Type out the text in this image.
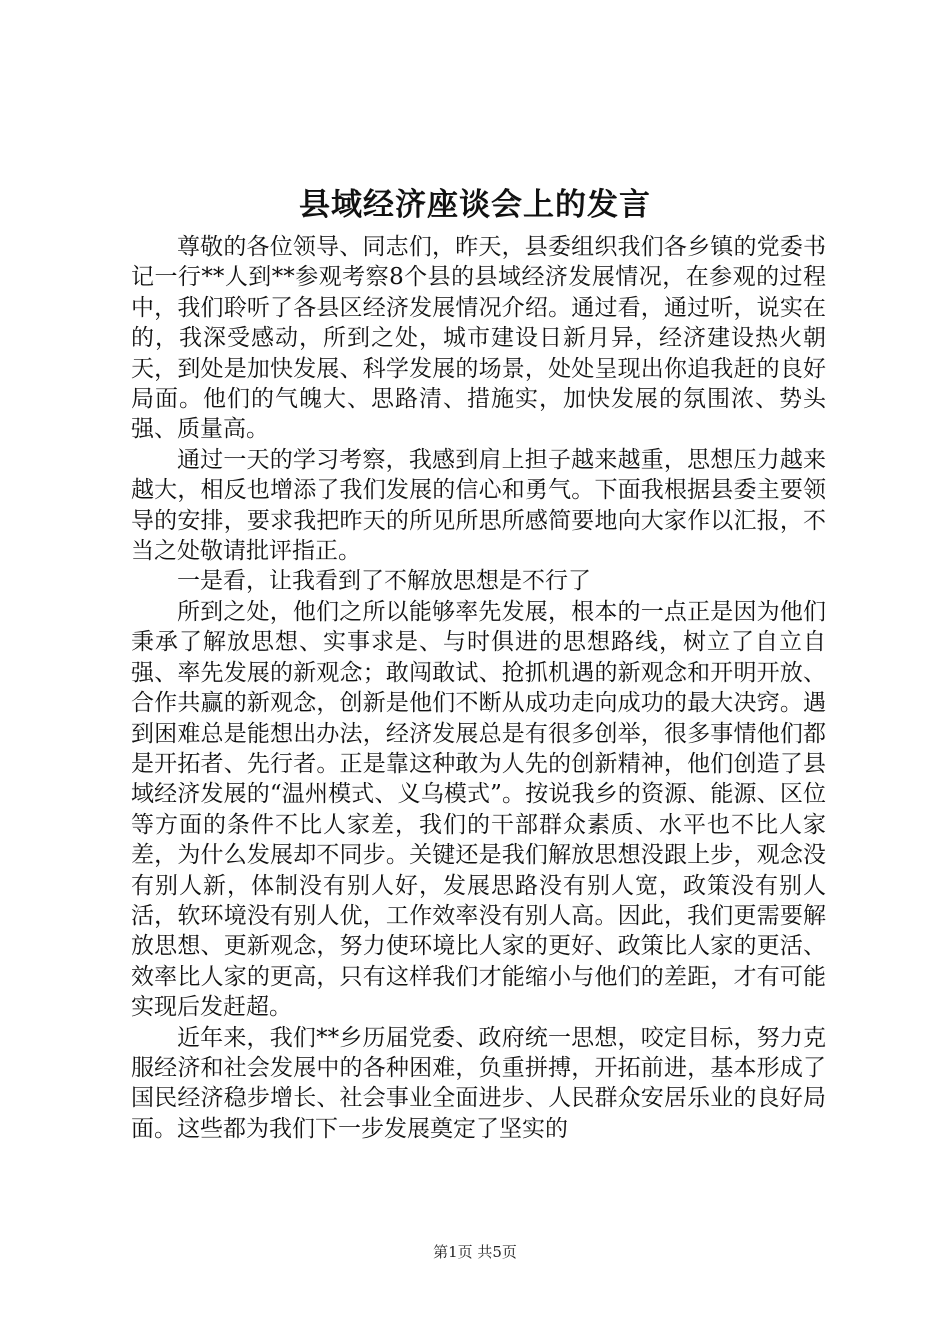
县域经济座谈会上的发言

尊敬的各位领导、同志们，昨天，县委组织我们各乡镇的党委书记一行**人到**参观考察8个县的县域经济发展情况，在参观的过程中，我们聆听了各县区经济发展情况介绍。通过看，通过听，说实在的，我深受感动，所到之处，城市建设日新月异，经济建设热火朝天，到处是加快发展、科学发展的场景，处处呈现出你追我赶的良好局面。他们的气魄大、思路清、措施实，加快发展的氛围浓、势头强、质量高。

通过一天的学习考察，我感到肩上担子越来越重，思想压力越来越大，相反也增添了我们发展的信心和勇气。下面我根据县委主要领导的安排，要求我把昨天的所见所思所感简要地向大家作以汇报，不当之处敬请批评指正。

一是看，让我看到了不解放思想是不行了

所到之处，他们之所以能够率先发展，根本的一点正是因为他们秉承了解放思想、实事求是、与时俱进的思想路线，树立了自立自强、率先发展的新观念；敢闯敢试、抢抓机遇的新观念和开明开放、合作共赢的新观念，创新是他们不断从成功走向成功的最大决窍。遇到困难总是能想出办法，经济发展总是有很多创举，很多事情他们都是开拓者、先行者。正是靠这种敢为人先的创新精神，他们创造了县域经济发展的“温州模式、义乌模式”。按说我乡的资源、能源、区位等方面的条件不比人家差，我们的干部群众素质、水平也不比人家差，为什么发展却不同步。关键还是我们解放思想没跟上步，观念没有别人新，体制没有别人好，发展思路没有别人宽，政策没有别人活，软环境没有别人优，工作效率没有别人高。因此，我们更需要解放思想、更新观念，努力使环境比人家的更好、政策比人家的更活、效率比人家的更高，只有这样我们才能缩小与他们的差距，才有可能实现后发赶超。

近年来，我们**乡历届党委、政府统一思想，咬定目标，努力克服经济和社会发展中的各种困难，负重拼搏，开拓前进，基本形成了国民经济稳步增长、社会事业全面进步、人民群众安居乐业的良好局面。这些都为我们下一步发展奠定了坚实的

第1页 共5页
